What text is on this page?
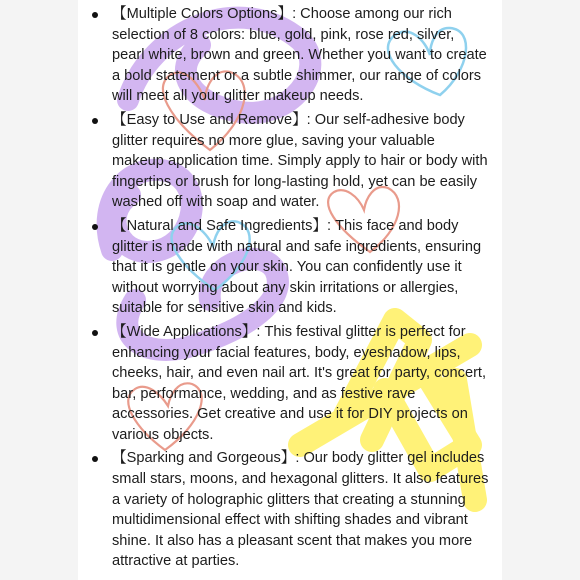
【Multiple Colors Options】: Choose among our rich selection of 8 colors: blue, gold, pink, rose red, silver, pearl white, brown and green. Whether you want to create a bold statement or a subtle shimmer, our range of colors will meet all your glitter makeup needs.
【Easy to Use and Remove】: Our self-adhesive body glitter requires no more glue, saving your valuable makeup application time. Simply apply to hair or body with fingertips or brush for long-lasting hold, yet can be easily washed off with soap and water.
【Natural and Safe Ingredients】: This face and body glitter is made with natural and safe ingredients, ensuring that it is gentle on your skin. You can confidently use it without worrying about any skin irritations or allergies, suitable for sensitive skin and kids.
【Wide Applications】: This festival glitter is perfect for enhancing your facial features, body, eyeshadow, lips, cheeks, hair, and even nail art. It's great for party, concert, bar, performance, wedding, and as festive rave accessories. Get creative and use it for DIY projects on various objects.
【Sparking and Gorgeous】: Our body glitter gel includes small stars, moons, and hexagonal glitters. It also features a variety of holographic glitters that creating a stunning multidimensional effect with shifting shades and vibrant shine. It also has a pleasant scent that makes you more attractive at parties.
